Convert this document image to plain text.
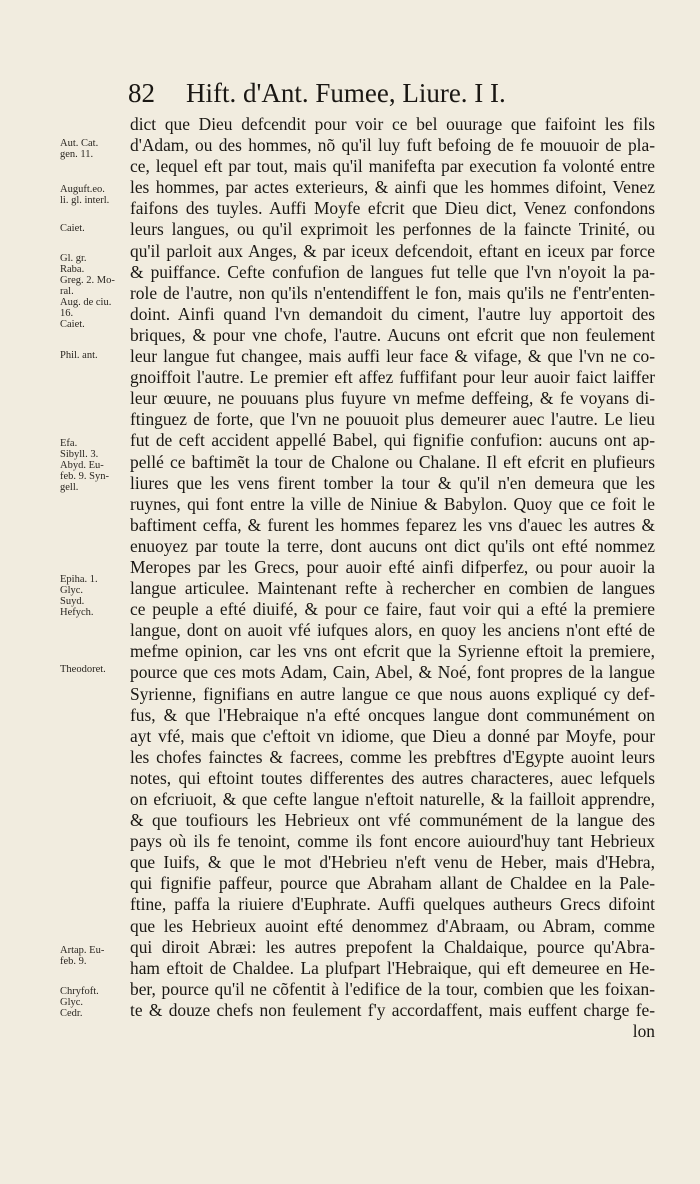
82 Hift. d'Ant. Fumee, Liure. I I.
Aut. Cat.
gen. 11.
Auguft.eo.
li. gl. interl.
Caiet.
Gl. gr.
Raba.
Greg. 2. Mo-
ral.
Aug. de ciu.
16.
Caiet.
Phil. ant.
Efa.
Sibyll. 3.
Abyd. Eu-
feb. 9. Syn-
gell.
Epiha. 1.
Glyc.
Suyd.
Hefych.
Theodoret.
Artap. Eu-
feb. 9.
Chryfoft.
Glyc.
Cedr.
dict que Dieu defcendit pour voir ce bel ouurage que faifoint les fils
d'Adam, ou des hommes, nõ qu'il luy fuft befoing de fe mouuoir de pla-
ce, lequel eft par tout, mais qu'il manifefta par execution fa volonté entre
les hommes, par actes exterieurs, & ainfi que les hommes difoint, Venez
faifons des tuyles. Auffi Moyfe efcrit que Dieu dict, Venez confondons
leurs langues, ou qu'il exprimoit les perfonnes de la faincte Trinité, ou
qu'il parloit aux Anges, & par iceux defcendoit, eftant en iceux par force
& puiffance. Cefte confufion de langues fut telle que l'vn n'oyoit la pa-
role de l'autre, non qu'ils n'entendiffent le fon, mais qu'ils ne f'entr'enten-
doint. Ainfi quand l'vn demandoit du ciment, l'autre luy apportoit des
briques, & pour vne chofe, l'autre. Aucuns ont efcrit que non feulement
leur langue fut changee, mais auffi leur face & vifage, & que l'vn ne co-
gnoiffoit l'autre. Le premier eft affez fuffifant pour leur auoir faict laiffer
leur œuure, ne pouuans plus fuyure vn mefme deffeing, & fe voyans di-
ftinguez de forte, que l'vn ne pouuoit plus demeurer auec l'autre. Le lieu
fut de ceft accident appellé Babel, qui fignifie confufion: aucuns ont ap-
pellé ce baftimẽt la tour de Chalone ou Chalane. Il eft efcrit en plufieurs
liures que les vens firent tomber la tour & qu'il n'en demeura que les
ruynes, qui font entre la ville de Niniue & Babylon. Quoy que ce foit le
baftiment ceffa, & furent les hommes feparez les vns d'auec les autres &
enuoyez par toute la terre, dont aucuns ont dict qu'ils ont efté nommez
Meropes par les Grecs, pour auoir efté ainfi difperfez, ou pour auoir la
langue articulee. Maintenant refte à rechercher en combien de langues
ce peuple a efté diuifé, & pour ce faire, faut voir qui a efté la premiere
langue, dont on auoit vfé iufques alors, en quoy les anciens n'ont efté de
mefme opinion, car les vns ont efcrit que la Syrienne eftoit la premiere,
pource que ces mots Adam, Cain, Abel, & Noé, font propres de la langue
Syrienne, fignifians en autre langue ce que nous auons expliqué cy def-
fus, & que l'Hebraique n'a efté oncques langue dont communément on
ayt vfé, mais que c'eftoit vn idiome, que Dieu a donné par Moyfe, pour
les chofes fainctes & facrees, comme les prebftres d'Egypte auoint leurs
notes, qui eftoint toutes differentes des autres characteres, auec lefquels
on efcriuoit, & que cefte langue n'eftoit naturelle, & la failloit apprendre,
& que toufiours les Hebrieux ont vfé communément de la langue des
pays où ils fe tenoint, comme ils font encore auiourd'huy tant Hebrieux
que Iuifs, & que le mot d'Hebrieu n'eft venu de Heber, mais d'Hebra,
qui fignifie paffeur, pource que Abraham allant de Chaldee en la Pale-
ftine, paffa la riuiere d'Euphrate. Auffi quelques autheurs Grecs difoint
que les Hebrieux auoint efté denommez d'Abraam, ou Abram, comme
qui diroit Abræi: les autres prepofent la Chaldaique, pource qu'Abra-
ham eftoit de Chaldee. La plufpart l'Hebraique, qui eft demeuree en He-
ber, pource qu'il ne cõfentit à l'edifice de la tour, combien que les foixan-
te & douze chefs non feulement f'y accordaffent, mais euffent charge fe-
lon
